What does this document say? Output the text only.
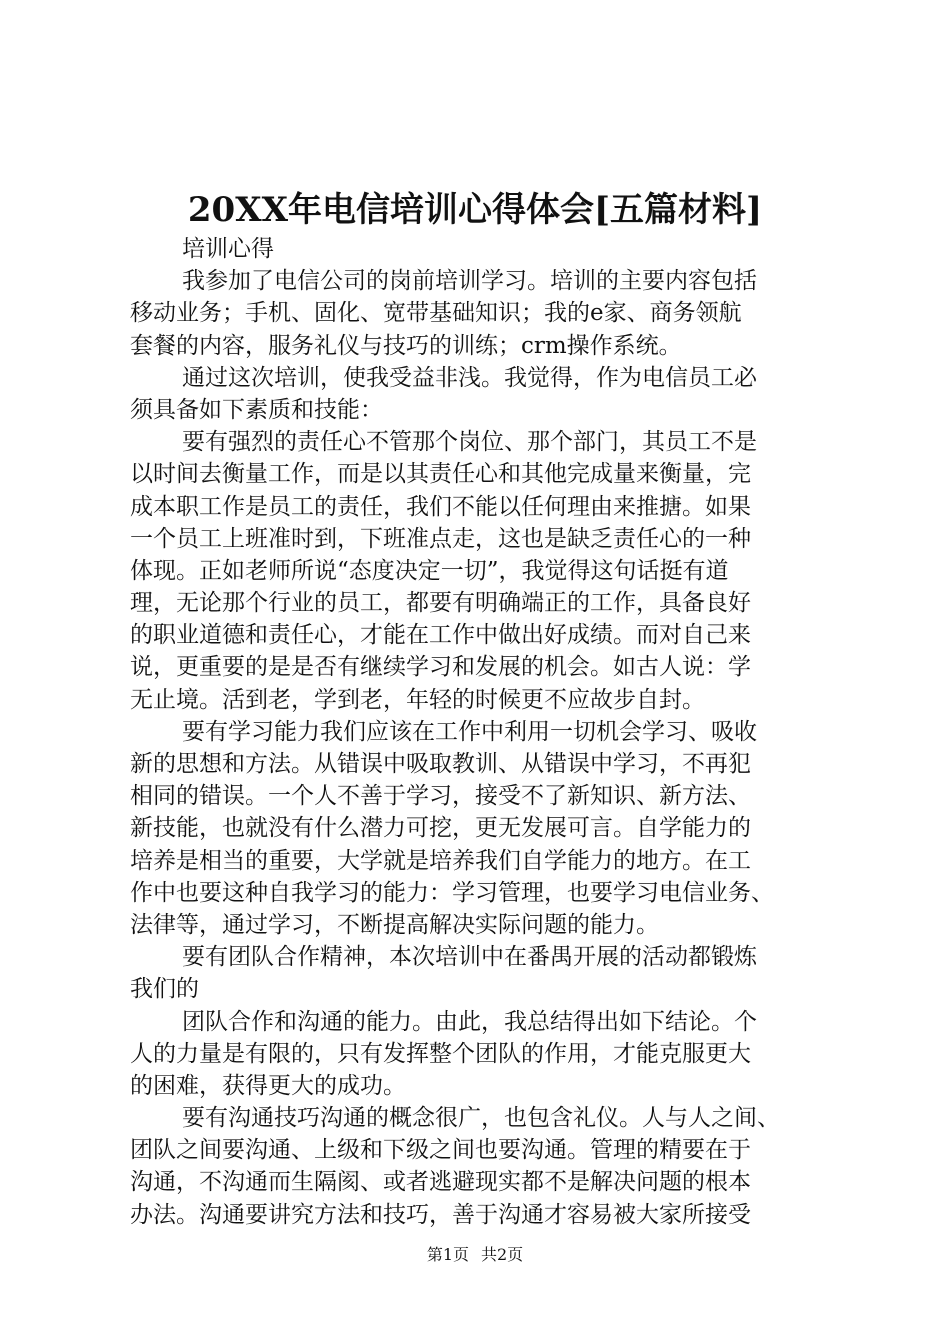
20XX年电信培训心得体会[五篇材料]
培训心得
我参加了电信公司的岗前培训学习。培训的主要内容包括
移动业务；手机、固化、宽带基础知识；我的e家、商务领航
套餐的内容，服务礼仪与技巧的训练；crm操作系统。
通过这次培训，使我受益非浅。我觉得，作为电信员工必
须具备如下素质和技能：
要有强烈的责任心不管那个岗位、那个部门，其员工不是
以时间去衡量工作，而是以其责任心和其他完成量来衡量，完
成本职工作是员工的责任，我们不能以任何理由来推搪。如果
一个员工上班准时到，下班准点走，这也是缺乏责任心的一种
体现。正如老师所说“态度决定一切”，我觉得这句话挺有道
理，无论那个行业的员工，都要有明确端正的工作，具备良好
的职业道德和责任心，才能在工作中做出好成绩。而对自己来
说，更重要的是是否有继续学习和发展的机会。如古人说：学
无止境。活到老，学到老，年轻的时候更不应故步自封。
要有学习能力我们应该在工作中利用一切机会学习、吸收
新的思想和方法。从错误中吸取教训、从错误中学习，不再犯
相同的错误。一个人不善于学习，接受不了新知识、新方法、
新技能，也就没有什么潜力可挖，更无发展可言。自学能力的
培养是相当的重要，大学就是培养我们自学能力的地方。在工
作中也要这种自我学习的能力：学习管理，也要学习电信业务、
法律等，通过学习，不断提高解决实际问题的能力。
要有团队合作精神，本次培训中在番禺开展的活动都锻炼
我们的
团队合作和沟通的能力。由此，我总结得出如下结论。个
人的力量是有限的，只有发挥整个团队的作用，才能克服更大
的困难，获得更大的成功。
要有沟通技巧沟通的概念很广，也包含礼仪。人与人之间、
团队之间要沟通、上级和下级之间也要沟通。管理的精要在于
沟通，不沟通而生隔阂、或者逃避现实都不是解决问题的根本
办法。沟通要讲究方法和技巧，善于沟通才容易被大家所接受
第1页 共2页
